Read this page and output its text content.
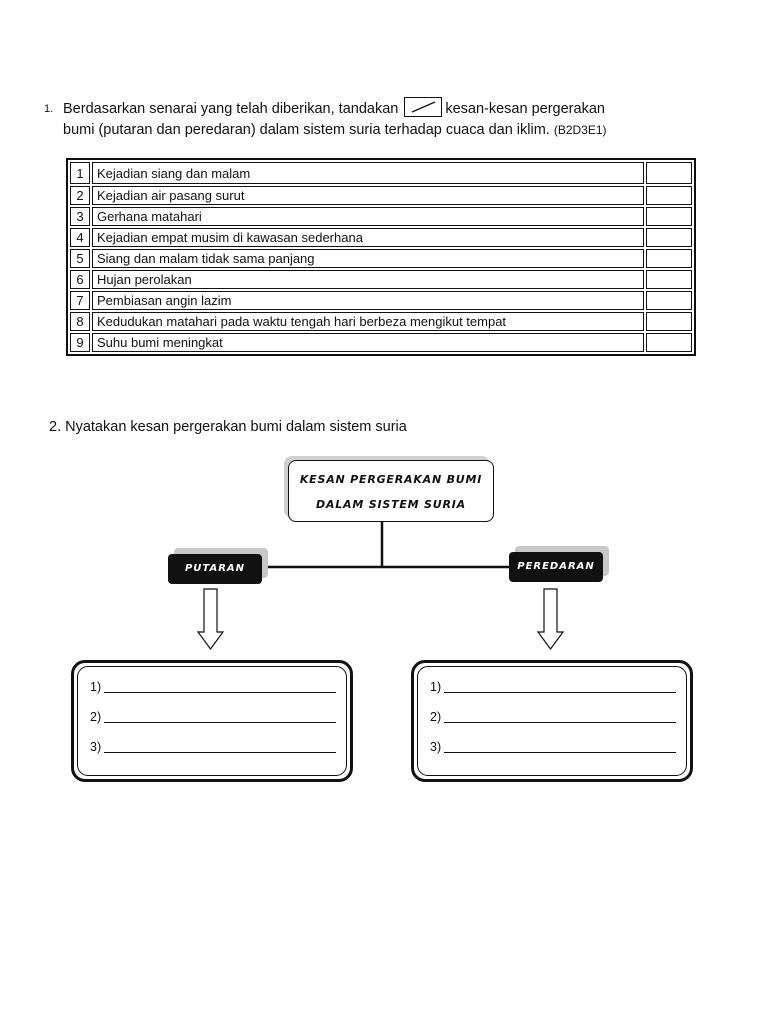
1. Berdasarkan senarai yang telah diberikan, tandakan	kesan-kesan pergerakan
bumi (putaran dan peredaran) dalam sistem suria terhadap cuaca dan iklim. (B2D3E1)
1	Kejadian siang dan malam	
2	Kejadian air pasang surut	
3	Gerhana matahari	
4	Kejadian empat musim di kawasan sederhana	
5	Siang dan malam tidak sama panjang	
6	Hujan perolakan	
7	Pembiasan angin lazim	
8	Kedudukan matahari pada waktu tengah hari berbeza mengikut tempat	
9	Suhu bumi meningkat	
2. Nyatakan kesan pergerakan bumi dalam sistem suria
KESAN PERGERAKAN BUMI
DALAM SISTEM SURIA
PUTARAN	PEREDARAN
1)
2)
3)
1)
2)
3)
